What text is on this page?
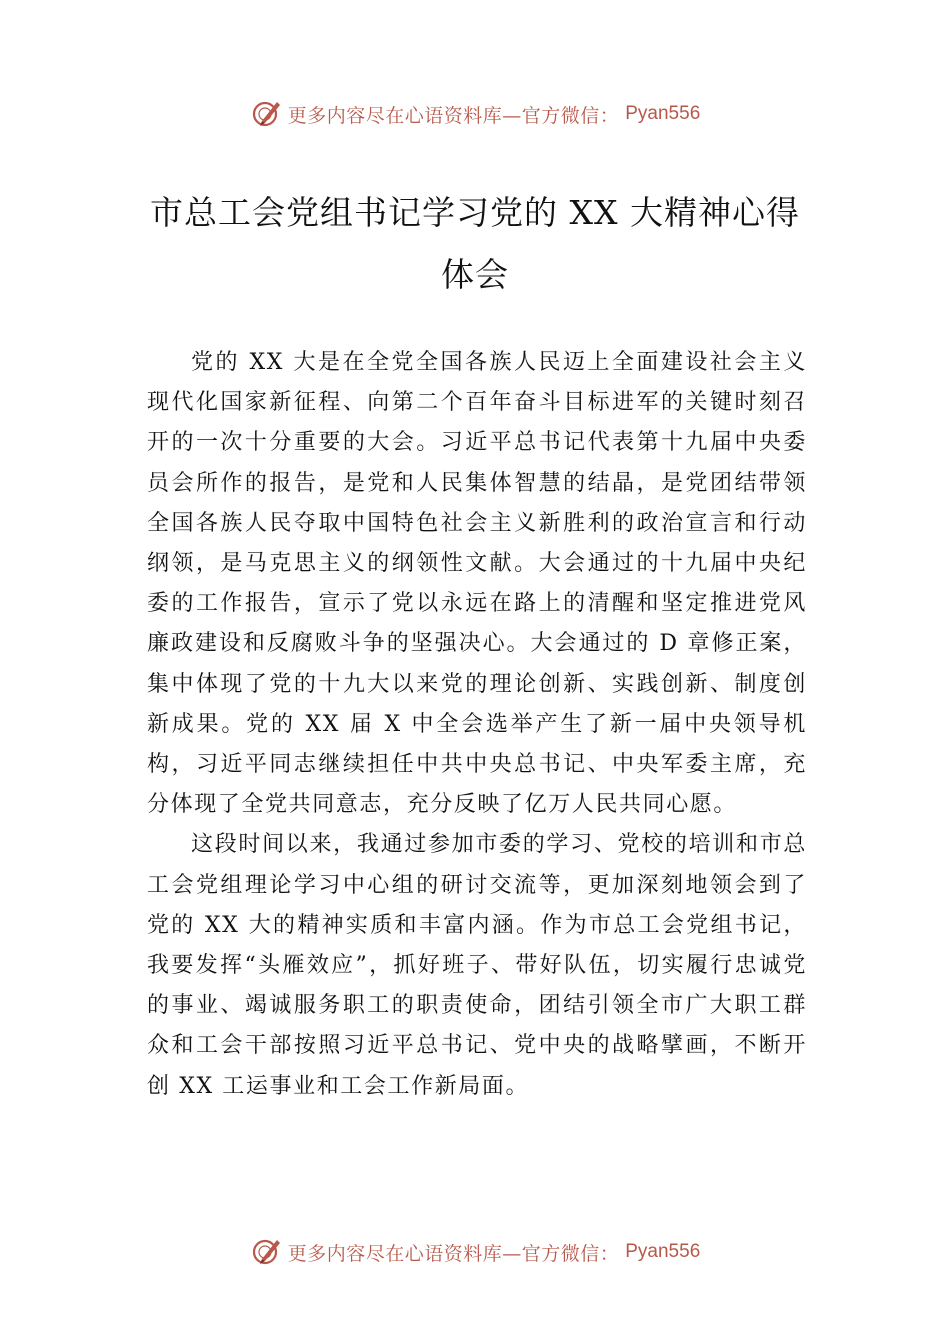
更多内容尽在心语资料库—官方微信： Pyan556
市总工会党组书记学习党的 XX 大精神心得体会

党的 XX 大是在全党全国各族人民迈上全面建设社会主义现代化国家新征程、向第二个百年奋斗目标进军的关键时刻召开的一次十分重要的大会。习近平总书记代表第十九届中央委员会所作的报告，是党和人民集体智慧的结晶，是党团结带领全国各族人民夺取中国特色社会主义新胜利的政治宣言和行动纲领，是马克思主义的纲领性文献。大会通过的十九届中央纪委的工作报告，宣示了党以永远在路上的清醒和坚定推进党风廉政建设和反腐败斗争的坚强决心。大会通过的 D 章修正案，集中体现了党的十九大以来党的理论创新、实践创新、制度创新成果。党的 XX 届 X 中全会选举产生了新一届中央领导机构，习近平同志继续担任中共中央总书记、中央军委主席，充分体现了全党共同意志，充分反映了亿万人民共同心愿。

这段时间以来，我通过参加市委的学习、党校的培训和市总工会党组理论学习中心组的研讨交流等，更加深刻地领会到了党的 XX 大的精神实质和丰富内涵。作为市总工会党组书记，我要发挥“头雁效应”，抓好班子、带好队伍，切实履行忠诚党的事业、竭诚服务职工的职责使命，团结引领全市广大职工群众和工会干部按照习近平总书记、党中央的战略擘画，不断开创 XX 工运事业和工会工作新局面。

更多内容尽在心语资料库—官方微信： Pyan556
